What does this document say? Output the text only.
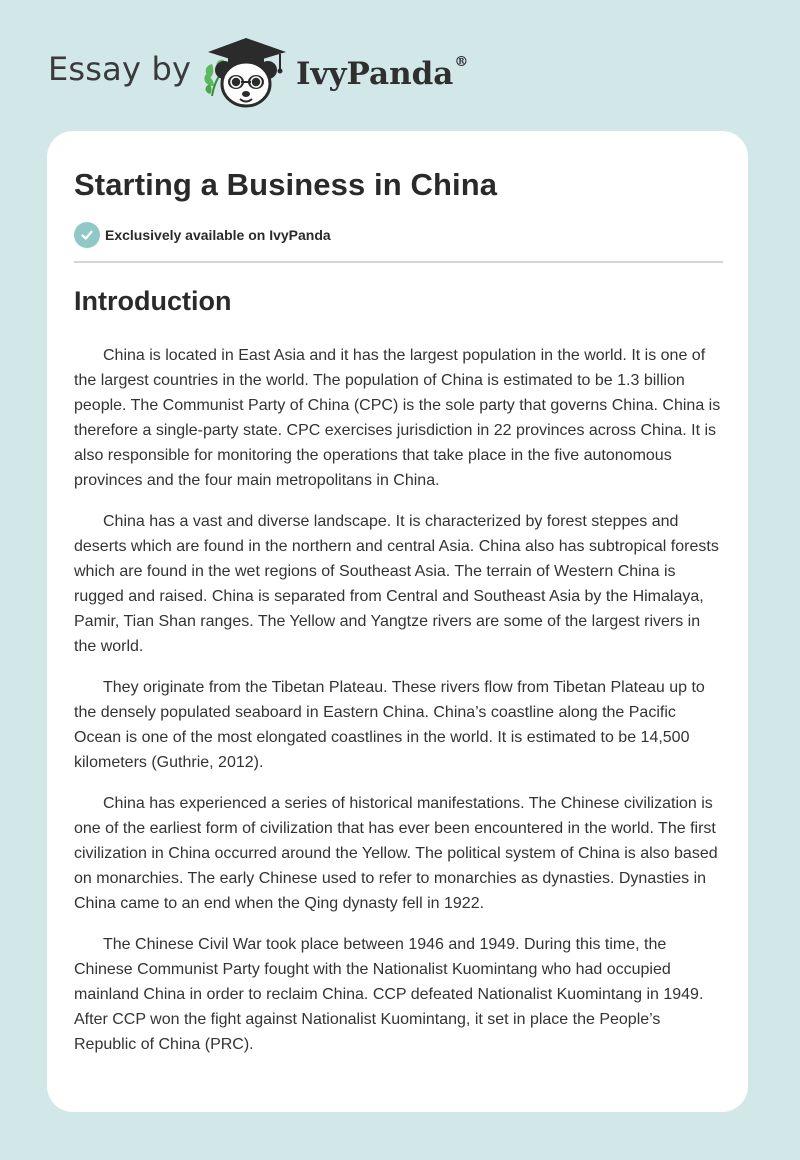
Essay by	IvyPanda®
Starting a Business in China
Exclusively available on IvyPanda
Introduction

China is located in East Asia and it has the largest population in the world. It is one of the largest countries in the world. The population of China is estimated to be 1.3 billion people. The Communist Party of China (CPC) is the sole party that governs China. China is therefore a single-party state. CPC exercises jurisdiction in 22 provinces across China. It is also responsible for monitoring the operations that take place in the five autonomous provinces and the four main metropolitans in China.

China has a vast and diverse landscape. It is characterized by forest steppes and deserts which are found in the northern and central Asia. China also has subtropical forests which are found in the wet regions of Southeast Asia. The terrain of Western China is rugged and raised. China is separated from Central and Southeast Asia by the Himalaya, Pamir, Tian Shan ranges. The Yellow and Yangtze rivers are some of the largest rivers in the world.

They originate from the Tibetan Plateau. These rivers flow from Tibetan Plateau up to the densely populated seaboard in Eastern China. China’s coastline along the Pacific Ocean is one of the most elongated coastlines in the world. It is estimated to be 14,500 kilometers (Guthrie, 2012).

China has experienced a series of historical manifestations. The Chinese civilization is one of the earliest form of civilization that has ever been encountered in the world. The first civilization in China occurred around the Yellow. The political system of China is also based on monarchies. The early Chinese used to refer to monarchies as dynasties. Dynasties in China came to an end when the Qing dynasty fell in 1922.

The Chinese Civil War took place between 1946 and 1949. During this time, the Chinese Communist Party fought with the Nationalist Kuomintang who had occupied mainland China in order to reclaim China. CCP defeated Nationalist Kuomintang in 1949. After CCP won the fight against Nationalist Kuomintang, it set in place the People’s Republic of China (PRC).
